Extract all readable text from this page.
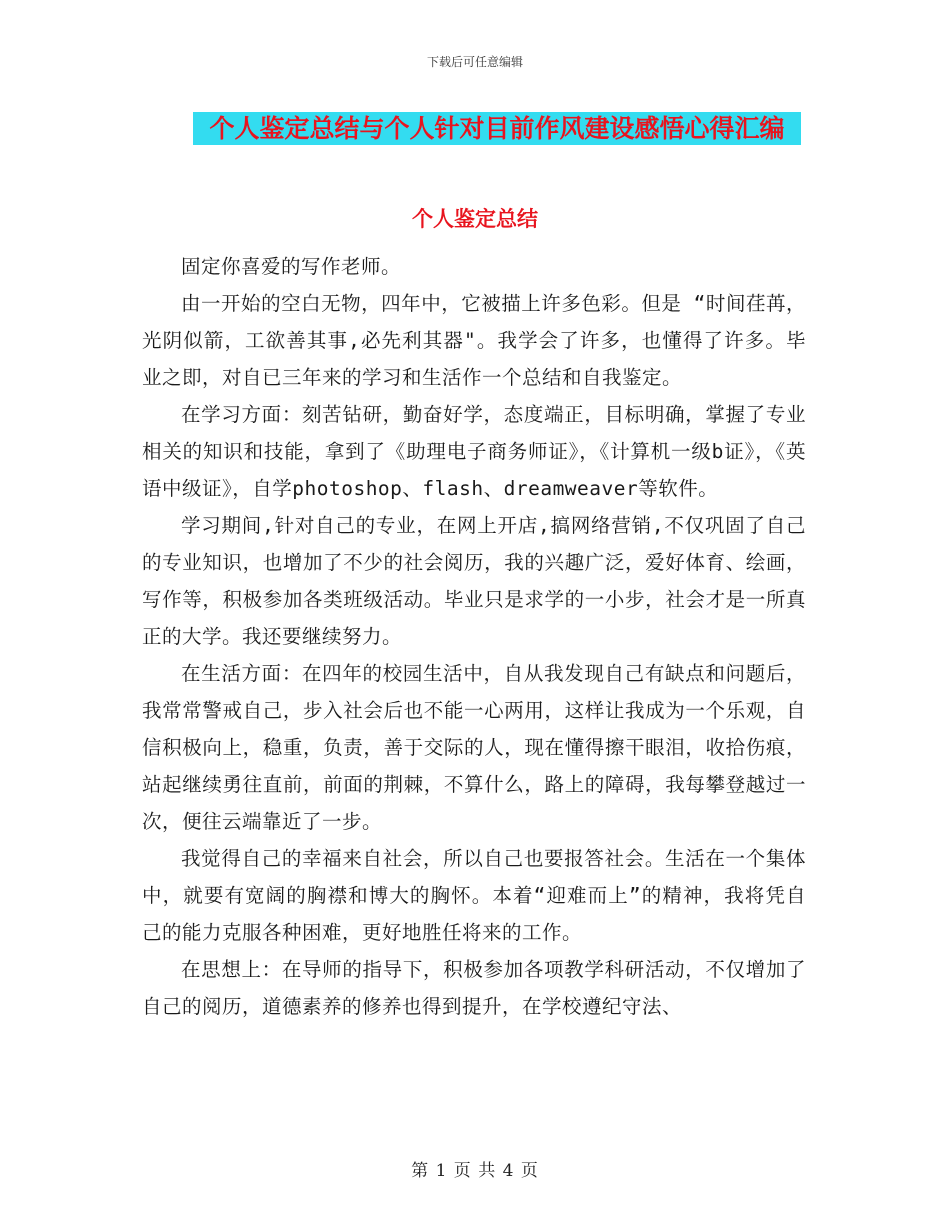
下载后可任意编辑
个人鉴定总结与个人针对目前作风建设感悟心得汇编
个人鉴定总结

固定你喜爱的写作老师。

由一开始的空白无物，四年中，它被描上许多色彩。但是 “时间荏苒，光阴似箭，工欲善其事,必先利其器"。我学会了许多，也懂得了许多。毕业之即，对自已三年来的学习和生活作一个总结和自我鉴定。

在学习方面：刻苦钻研，勤奋好学，态度端正，目标明确，掌握了专业相关的知识和技能，拿到了《助理电子商务师证》，《计算机一级b证》，《英语中级证》，自学photoshop、flash、dreamweaver等软件。

学习期间,针对自己的专业，在网上开店,搞网络营销,不仅巩固了自己的专业知识，也增加了不少的社会阅历，我的兴趣广泛，爱好体育、绘画，写作等，积极参加各类班级活动。毕业只是求学的一小步，社会才是一所真正的大学。我还要继续努力。

在生活方面：在四年的校园生活中，自从我发现自己有缺点和问题后，我常常警戒自己，步入社会后也不能一心两用，这样让我成为一个乐观，自信积极向上，稳重，负责，善于交际的人，现在懂得擦干眼泪，收拾伤痕，站起继续勇往直前，前面的荆棘，不算什么，路上的障碍，我每攀登越过一次，便往云端靠近了一步。

我觉得自己的幸福来自社会，所以自己也要报答社会。生活在一个集体中，就要有宽阔的胸襟和博大的胸怀。本着“迎难而上”的精神，我将凭自己的能力克服各种困难，更好地胜任将来的工作。

在思想上：在导师的指导下，积极参加各项教学科研活动，不仅增加了自己的阅历，道德素养的修养也得到提升，在学校遵纪守法、

第 1 页 共 4 页
